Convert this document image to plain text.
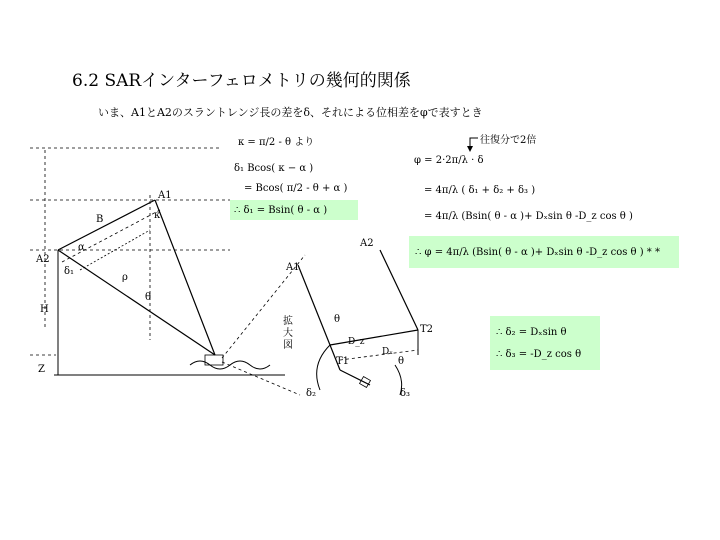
6.2 SARインターフェロメトリの幾何的関係
いま、A1とA2のスラントレンジ長の差をδ、それによる位相差をφで表すとき
κ = π/2 - θ より
δ₁ Bcos( κ − α )
= Bcos( π/2 - θ + α )
∴ δ₁ = Bsin( θ - α )
往復分で2倍
φ = 2·2π/λ · δ
= 4π/λ ( δ₁ + δ₂ + δ₃ )
= 4π/λ (Bsin( θ - α )+ Dₓsin θ -D_z cos θ )
∴ φ = 4π/λ (Bsin( θ - α )+ Dₓsin θ -D_z cos θ ) * *
∴ δ₂ = Dₓsin θ
∴ δ₃ = -D_z cos θ
A1
A2
B
α
δ₁
θ
ρ
H
Z
κ
A1
A2
T1
T2
D_z
Dₓ
θ
θ
δ₂	δ₃
拡大図
